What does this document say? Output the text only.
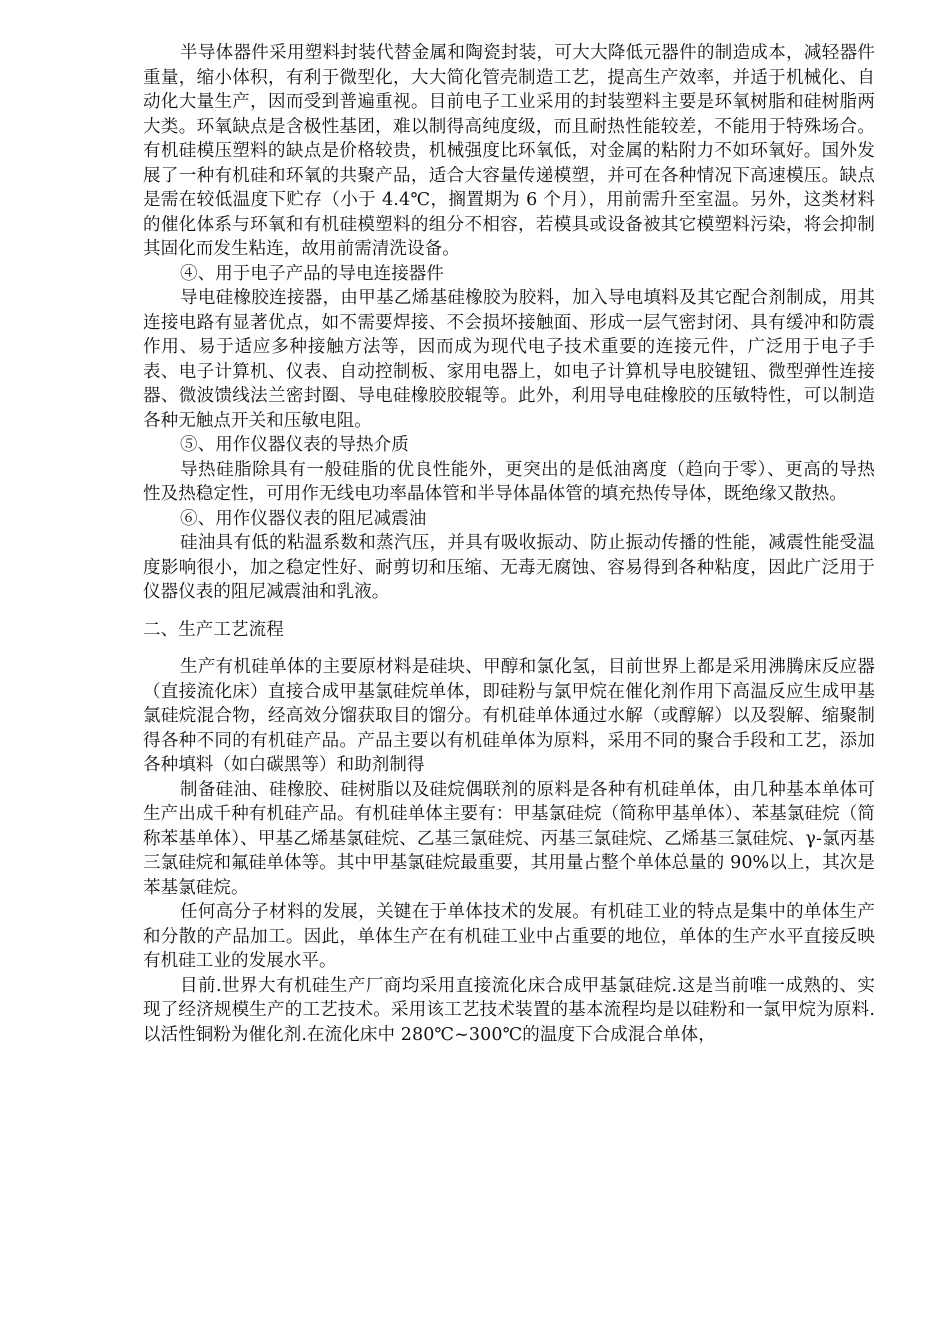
半导体器件采用塑料封装代替金属和陶瓷封装，可大大降低元器件的制造成本，减轻器件重量，缩小体积，有利于微型化，大大简化管壳制造工艺，提高生产效率，并适于机械化、自动化大量生产，因而受到普遍重视。目前电子工业采用的封装塑料主要是环氧树脂和硅树脂两大类。环氧缺点是含极性基团，难以制得高纯度级，而且耐热性能较差，不能用于特殊场合。有机硅模压塑料的缺点是价格较贵，机械强度比环氧低，对金属的粘附力不如环氧好。国外发展了一种有机硅和环氧的共聚产品，适合大容量传递模塑，并可在各种情况下高速模压。缺点是需在较低温度下贮存（小于 4.4℃，搁置期为 6 个月），用前需升至室温。另外，这类材料的催化体系与环氧和有机硅模塑料的组分不相容，若模具或设备被其它模塑料污染，将会抑制其固化而发生粘连，故用前需清洗设备。

④、用于电子产品的导电连接器件

导电硅橡胶连接器，由甲基乙烯基硅橡胶为胶料，加入导电填料及其它配合剂制成，用其连接电路有显著优点，如不需要焊接、不会损坏接触面、形成一层气密封闭、具有缓冲和防震作用、易于适应多种接触方法等，因而成为现代电子技术重要的连接元件，广泛用于电子手表、电子计算机、仪表、自动控制板、家用电器上，如电子计算机导电胶键钮、微型弹性连接器、微波馈线法兰密封圈、导电硅橡胶胶辊等。此外，利用导电硅橡胶的压敏特性，可以制造各种无触点开关和压敏电阻。

⑤、用作仪器仪表的导热介质

导热硅脂除具有一般硅脂的优良性能外，更突出的是低油离度（趋向于零）、更高的导热性及热稳定性，可用作无线电功率晶体管和半导体晶体管的填充热传导体，既绝缘又散热。

⑥、用作仪器仪表的阻尼减震油

硅油具有低的粘温系数和蒸汽压，并具有吸收振动、防止振动传播的性能，减震性能受温度影响很小，加之稳定性好、耐剪切和压缩、无毒无腐蚀、容易得到各种粘度，因此广泛用于仪器仪表的阻尼减震油和乳液。

二、生产工艺流程

生产有机硅单体的主要原材料是硅块、甲醇和氯化氢，目前世界上都是采用沸腾床反应器（直接流化床）直接合成甲基氯硅烷单体，即硅粉与氯甲烷在催化剂作用下高温反应生成甲基氯硅烷混合物，经高效分馏获取目的馏分。有机硅单体通过水解（或醇解）以及裂解、缩聚制得各种不同的有机硅产品。产品主要以有机硅单体为原料，采用不同的聚合手段和工艺，添加各种填料（如白碳黑等）和助剂制得

制备硅油、硅橡胶、硅树脂以及硅烷偶联剂的原料是各种有机硅单体，由几种基本单体可生产出成千种有机硅产品。有机硅单体主要有：甲基氯硅烷（简称甲基单体）、苯基氯硅烷（简称苯基单体）、甲基乙烯基氯硅烷、乙基三氯硅烷、丙基三氯硅烷、乙烯基三氯硅烷、γ-氯丙基三氯硅烷和氟硅单体等。其中甲基氯硅烷最重要，其用量占整个单体总量的 90%以上，其次是苯基氯硅烷。

任何高分子材料的发展，关键在于单体技术的发展。有机硅工业的特点是集中的单体生产和分散的产品加工。因此，单体生产在有机硅工业中占重要的地位，单体的生产水平直接反映有机硅工业的发展水平。

目前.世界大有机硅生产厂商均采用直接流化床合成甲基氯硅烷.这是当前唯一成熟的、实现了经济规模生产的工艺技术。采用该工艺技术装置的基本流程均是以硅粉和一氯甲烷为原料.以活性铜粉为催化剂.在流化床中 280℃~300℃的温度下合成混合单体，
